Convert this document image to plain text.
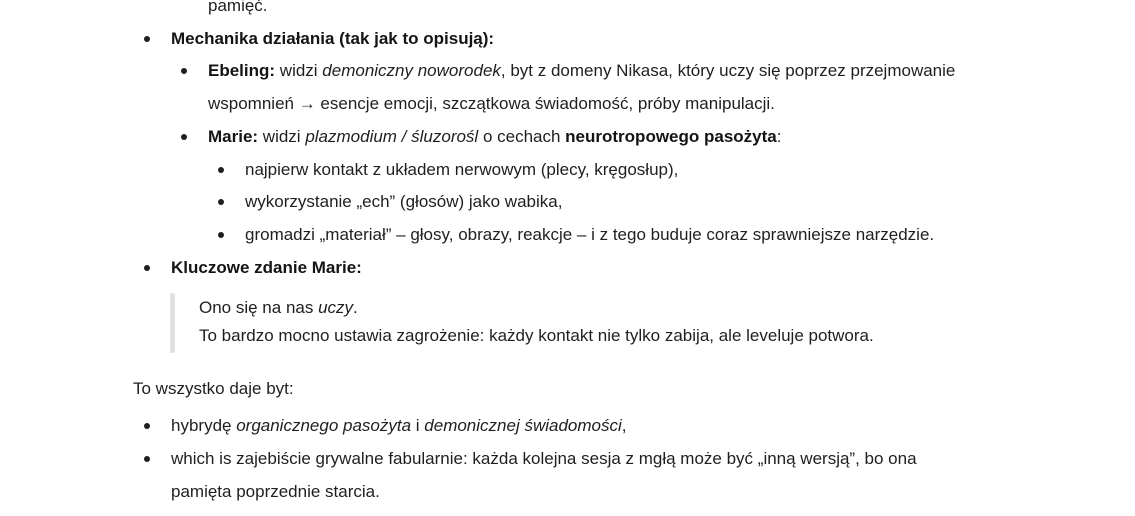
pamięć.
Mechanika działania (tak jak to opisują):
Ebeling: widzi demoniczny noworodek, byt z domeny Nikasa, który uczy się poprzez przejmowanie
wspomnień → esencje emocji, szczątkowa świadomość, próby manipulacji.
Marie: widzi plazmodium / śluzorośl o cechach neurotropowego pasożyta:
najpierw kontakt z układem nerwowym (plecy, kręgosłup),
wykorzystanie „ech” (głosów) jako wabika,
gromadzi „materiał” – głosy, obrazy, reakcje – i z tego buduje coraz sprawniejsze narzędzie.
Kluczowe zdanie Marie:
Ono się na nas uczy.
To bardzo mocno ustawia zagrożenie: każdy kontakt nie tylko zabija, ale leveluje potwora.
To wszystko daje byt:
hybrydę organicznego pasożyta i demonicznej świadomości,
which is zajebiście grywalne fabularnie: każda kolejna sesja z mgłą może być „inną wersją”, bo ona
pamięta poprzednie starcia.
